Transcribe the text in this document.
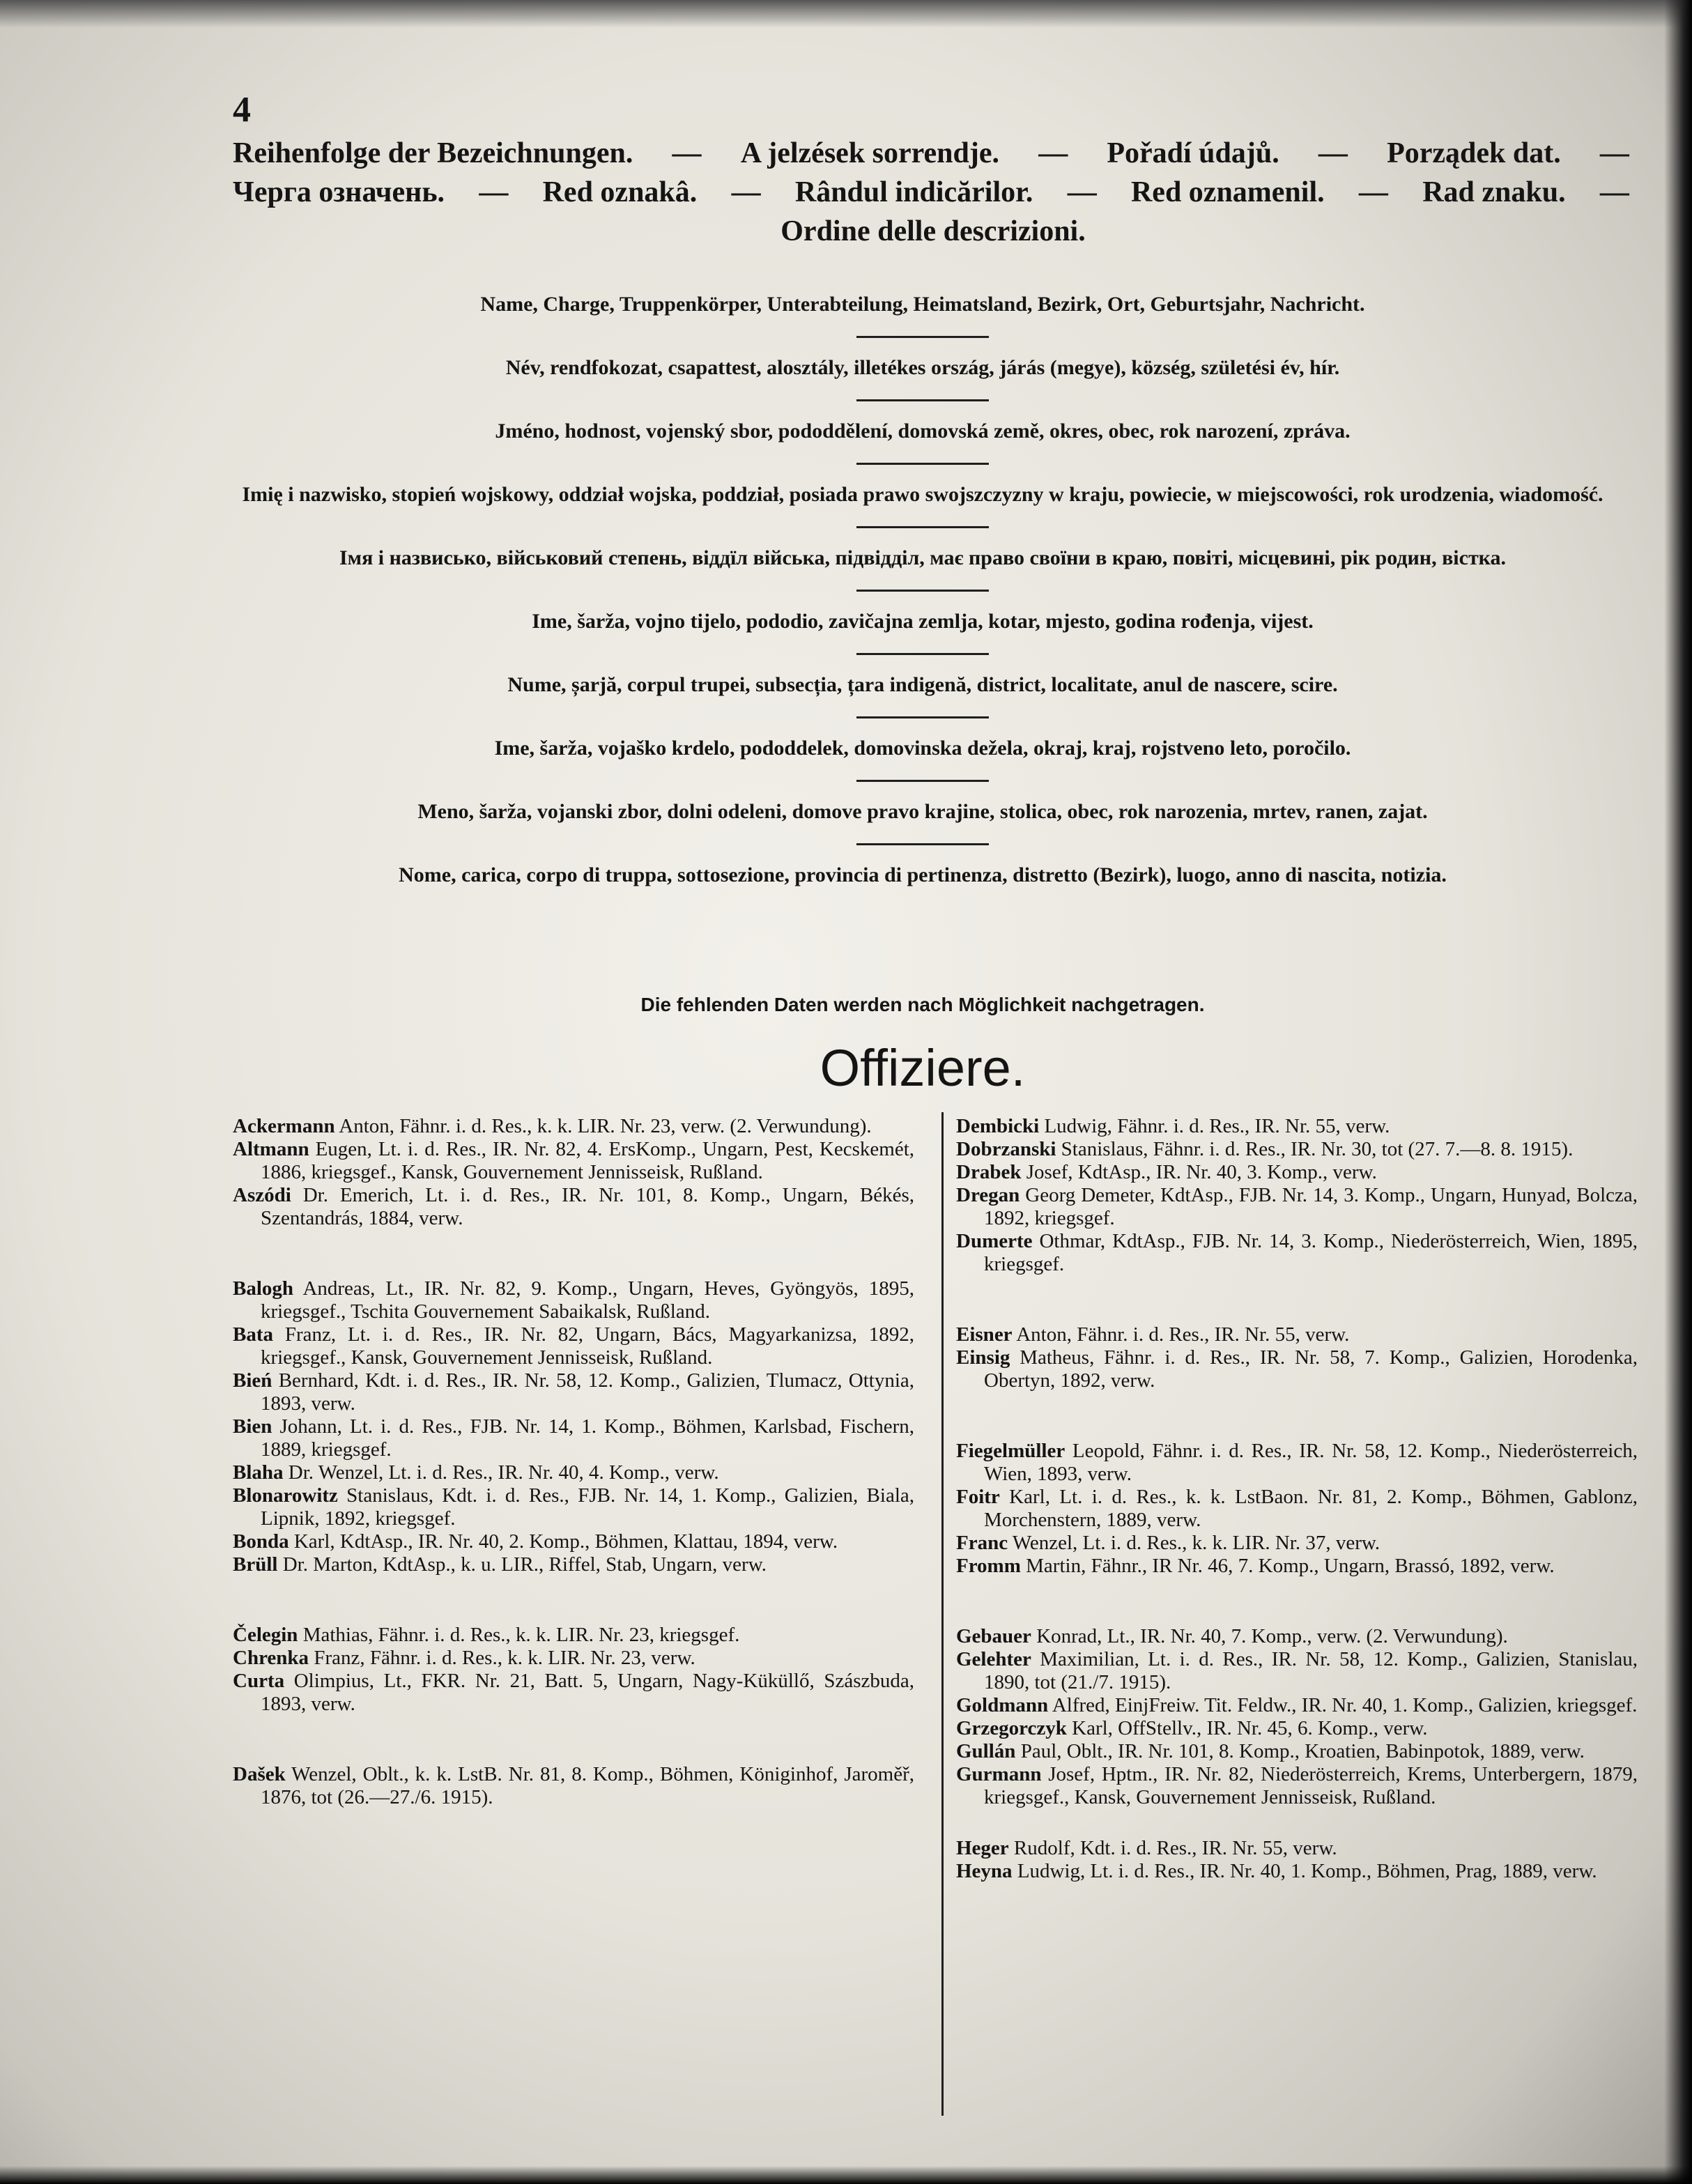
4
Reihenfolge der Bezeichnungen. — A jelzések sorrendje. — Pořadí údajů. — Porządek dat. —
Черга означень. — Red oznakâ. — Rândul indicărilor. — Red oznamenil. — Rad znaku. —
Ordine delle descrizioni.
Name, Charge, Truppenkörper, Unterabteilung, Heimatsland, Bezirk, Ort, Geburtsjahr, Nachricht.
Név, rendfokozat, csapattest, alosztály, illetékes ország, járás (megye), község, születési év, hír.
Jméno, hodnost, vojenský sbor, pododdělení, domovská země, okres, obec, rok narození, zpráva.
Imię i nazwisko, stopień wojskowy, oddział wojska, poddział, posiada prawo swojszczyzny w kraju, powiecie, w miejscowości, rok urodzenia, wiadomość.
Імя і назвисько, військовий степень, віддїл війська, підвідділ, має право своїни в краю, повіті, місцевині, рік родин, вістка.
Ime, šarža, vojno tijelo, pododio, zavičajna zemlja, kotar, mjesto, godina rođenja, vijest.
Nume, șarjă, corpul trupei, subsecția, țara indigenă, district, localitate, anul de nascere, scire.
Ime, šarža, vojaško krdelo, pododdelek, domovinska dežela, okraj, kraj, rojstveno leto, poročilo.
Meno, šarža, vojanski zbor, dolni odeleni, domove pravo krajine, stolica, obec, rok narozenia, mrtev, ranen, zajat.
Nome, carica, corpo di truppa, sottosezione, provincia di pertinenza, distretto (Bezirk), luogo, anno di nascita, notizia.
Die fehlenden Daten werden nach Möglichkeit nachgetragen.
Offiziere.

Ackermann Anton, Fähnr. i. d. Res., k. k. LIR. Nr. 23, verw. (2. Verwundung).

Altmann Eugen, Lt. i. d. Res., IR. Nr. 82, 4. ErsKomp., Ungarn, Pest, Kecskemét, 1886, kriegsgef., Kansk, Gouvernement Jennisseisk, Rußland.

Aszódi Dr. Emerich, Lt. i. d. Res., IR. Nr. 101, 8. Komp., Ungarn, Békés, Szentandrás, 1884, verw.

Balogh Andreas, Lt., IR. Nr. 82, 9. Komp., Ungarn, Heves, Gyöngyös, 1895, kriegsgef., Tschita Gouvernement Sabaikalsk, Rußland.

Bata Franz, Lt. i. d. Res., IR. Nr. 82, Ungarn, Bács, Magyarkanizsa, 1892, kriegsgef., Kansk, Gouvernement Jennisseisk, Rußland.

Bień Bernhard, Kdt. i. d. Res., IR. Nr. 58, 12. Komp., Galizien, Tlumacz, Ottynia, 1893, verw.

Bien Johann, Lt. i. d. Res., FJB. Nr. 14, 1. Komp., Böhmen, Karlsbad, Fischern, 1889, kriegsgef.

Blaha Dr. Wenzel, Lt. i. d. Res., IR. Nr. 40, 4. Komp., verw.

Blonarowitz Stanislaus, Kdt. i. d. Res., FJB. Nr. 14, 1. Komp., Galizien, Biala, Lipnik, 1892, kriegsgef.

Bonda Karl, KdtAsp., IR. Nr. 40, 2. Komp., Böhmen, Klattau, 1894, verw.

Brüll Dr. Marton, KdtAsp., k. u. LIR., Riffel, Stab, Ungarn, verw.

Čelegin Mathias, Fähnr. i. d. Res., k. k. LIR. Nr. 23, kriegsgef.

Chrenka Franz, Fähnr. i. d. Res., k. k. LIR. Nr. 23, verw.

Curta Olimpius, Lt., FKR. Nr. 21, Batt. 5, Ungarn, Nagy-Küküllő, Szászbuda, 1893, verw.

Dašek Wenzel, Oblt., k. k. LstB. Nr. 81, 8. Komp., Böhmen, Königinhof, Jaroměř, 1876, tot (26.—27./6. 1915).

Dembicki Ludwig, Fähnr. i. d. Res., IR. Nr. 55, verw.

Dobrzanski Stanislaus, Fähnr. i. d. Res., IR. Nr. 30, tot (27. 7.—8. 8. 1915).

Drabek Josef, KdtAsp., IR. Nr. 40, 3. Komp., verw.

Dregan Georg Demeter, KdtAsp., FJB. Nr. 14, 3. Komp., Ungarn, Hunyad, Bolcza, 1892, kriegsgef.

Dumerte Othmar, KdtAsp., FJB. Nr. 14, 3. Komp., Niederösterreich, Wien, 1895, kriegsgef.

Eisner Anton, Fähnr. i. d. Res., IR. Nr. 55, verw.

Einsig Matheus, Fähnr. i. d. Res., IR. Nr. 58, 7. Komp., Galizien, Horodenka, Obertyn, 1892, verw.

Fiegelmüller Leopold, Fähnr. i. d. Res., IR. Nr. 58, 12. Komp., Niederösterreich, Wien, 1893, verw.

Foitr Karl, Lt. i. d. Res., k. k. LstBaon. Nr. 81, 2. Komp., Böhmen, Gablonz, Morchenstern, 1889, verw.

Franc Wenzel, Lt. i. d. Res., k. k. LIR. Nr. 37, verw.

Fromm Martin, Fähnr., IR Nr. 46, 7. Komp., Ungarn, Brassó, 1892, verw.

Gebauer Konrad, Lt., IR. Nr. 40, 7. Komp., verw. (2. Verwundung).

Gelehter Maximilian, Lt. i. d. Res., IR. Nr. 58, 12. Komp., Galizien, Stanislau, 1890, tot (21./7. 1915).

Goldmann Alfred, EinjFreiw. Tit. Feldw., IR. Nr. 40, 1. Komp., Galizien, kriegsgef.

Grzegorczyk Karl, OffStellv., IR. Nr. 45, 6. Komp., verw.

Gullán Paul, Oblt., IR. Nr. 101, 8. Komp., Kroatien, Babinpotok, 1889, verw.

Gurmann Josef, Hptm., IR. Nr. 82, Niederösterreich, Krems, Unterbergern, 1879, kriegsgef., Kansk, Gouvernement Jennisseisk, Rußland.

Heger Rudolf, Kdt. i. d. Res., IR. Nr. 55, verw.

Heyna Ludwig, Lt. i. d. Res., IR. Nr. 40, 1. Komp., Böhmen, Prag, 1889, verw.
